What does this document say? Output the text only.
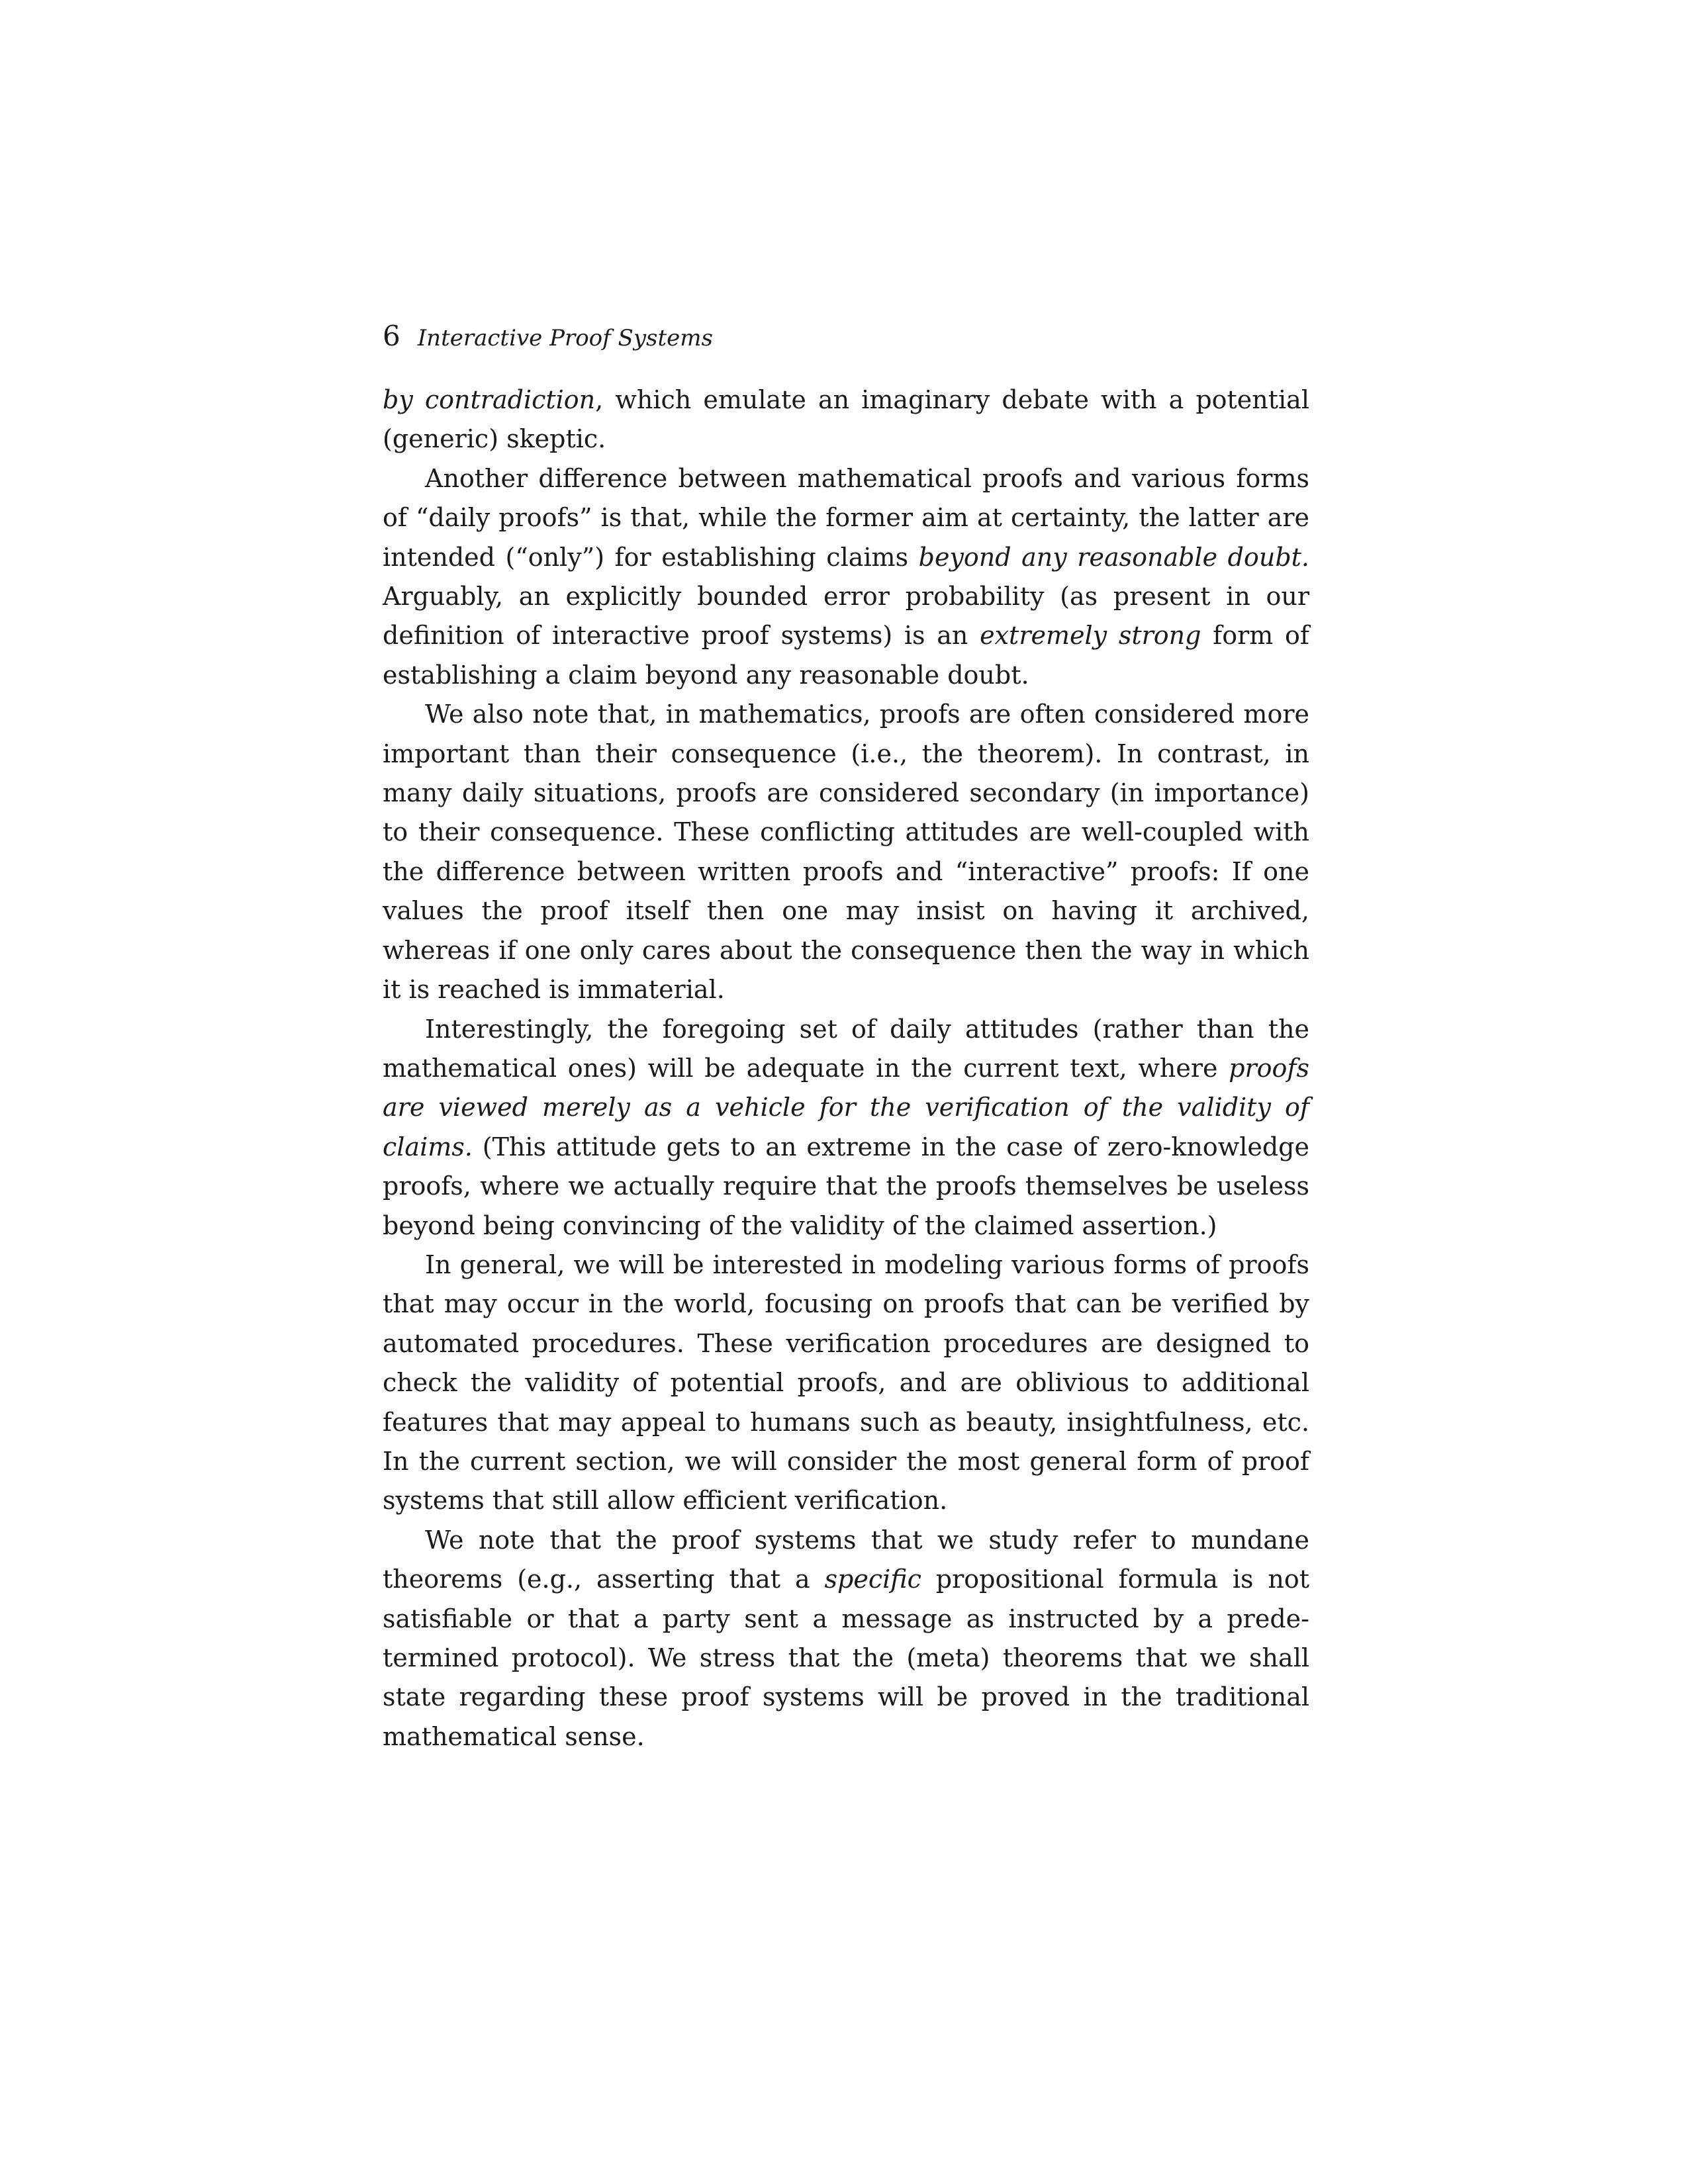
6 Interactive Proof Systems

by contradiction, which emulate an imaginary debate with a potential (generic) skeptic.

Another difference between mathematical proofs and various forms of “daily proofs” is that, while the former aim at certainty, the latter are intended (“only”) for establishing claims beyond any reasonable doubt. Arguably, an explicitly bounded error probability (as present in our definition of interactive proof systems) is an extremely strong form of establishing a claim beyond any reasonable doubt.

We also note that, in mathematics, proofs are often considered more important than their consequence (i.e., the theorem). In contrast, in many daily situations, proofs are considered secondary (in importance) to their consequence. These conflicting attitudes are well-coupled with the difference between written proofs and “interactive” proofs: If one values the proof itself then one may insist on having it archived, whereas if one only cares about the consequence then the way in which it is reached is immaterial.

Interestingly, the foregoing set of daily attitudes (rather than the mathematical ones) will be adequate in the current text, where proofs are viewed merely as a vehicle for the verification of the validity of claims. (This attitude gets to an extreme in the case of zero-knowledge proofs, where we actually require that the proofs themselves be useless beyond being convincing of the validity of the claimed assertion.)

In general, we will be interested in modeling various forms of proofs that may occur in the world, focusing on proofs that can be verified by automated procedures. These verification procedures are designed to check the validity of potential proofs, and are oblivious to additional features that may appeal to humans such as beauty, insightfulness, etc. In the current section, we will consider the most general form of proof systems that still allow efficient verification.

We note that the proof systems that we study refer to mundane theorems (e.g., asserting that a specific propositional formula is not satisfiable or that a party sent a message as instructed by a predetermined protocol). We stress that the (meta) theorems that we shall state regarding these proof systems will be proved in the traditional mathematical sense.
